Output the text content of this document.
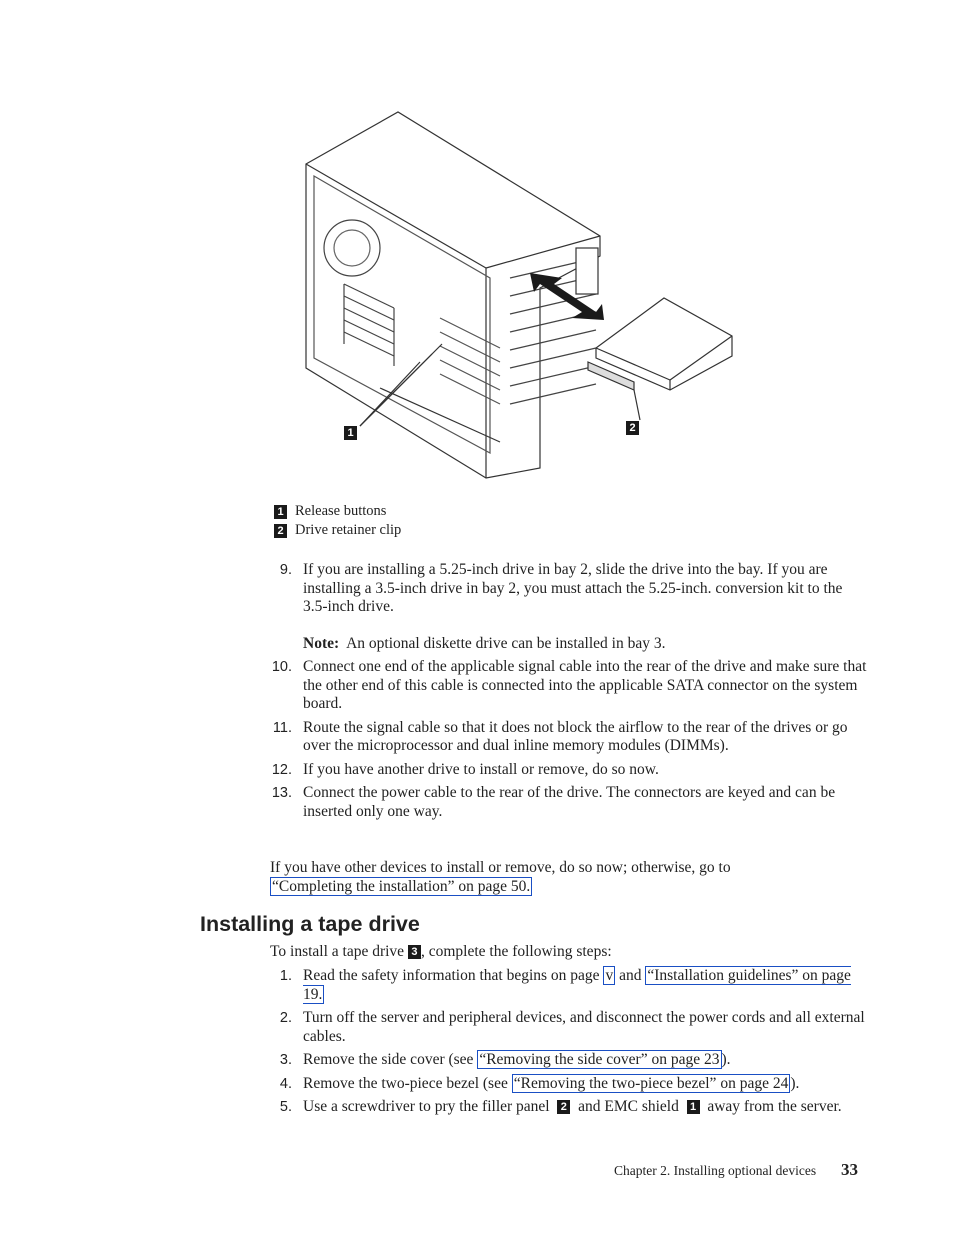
1	2
1 Release buttons
2 Drive retainer clip
9. If you are installing a 5.25-inch drive in bay 2, slide the drive into the bay. If you are installing a 3.5-inch drive in bay 2, you must attach the 5.25-inch. conversion kit to the 3.5-inch drive.
Note: An optional diskette drive can be installed in bay 3.
10. Connect one end of the applicable signal cable into the rear of the drive and make sure that the other end of this cable is connected into the applicable SATA connector on the system board.
11. Route the signal cable so that it does not block the airflow to the rear of the drives or go over the microprocessor and dual inline memory modules (DIMMs).
12. If you have another drive to install or remove, do so now.
13. Connect the power cable to the rear of the drive. The connectors are keyed and can be inserted only one way.
If you have other devices to install or remove, do so now; otherwise, go to
“Completing the installation” on page 50.
Installing a tape drive
To install a tape drive 3 , complete the following steps:
1. Read the safety information that begins on page v and “Installation guidelines” on page 19.
2. Turn off the server and peripheral devices, and disconnect the power cords and all external cables.
3. Remove the side cover (see “Removing the side cover” on page 23 ).
4. Remove the two-piece bezel (see “Removing the two-piece bezel” on page 24 ).
5. Use a screwdriver to pry the filler panel 2 and EMC shield 1 away from the server.
Chapter 2. Installing optional devices 33
